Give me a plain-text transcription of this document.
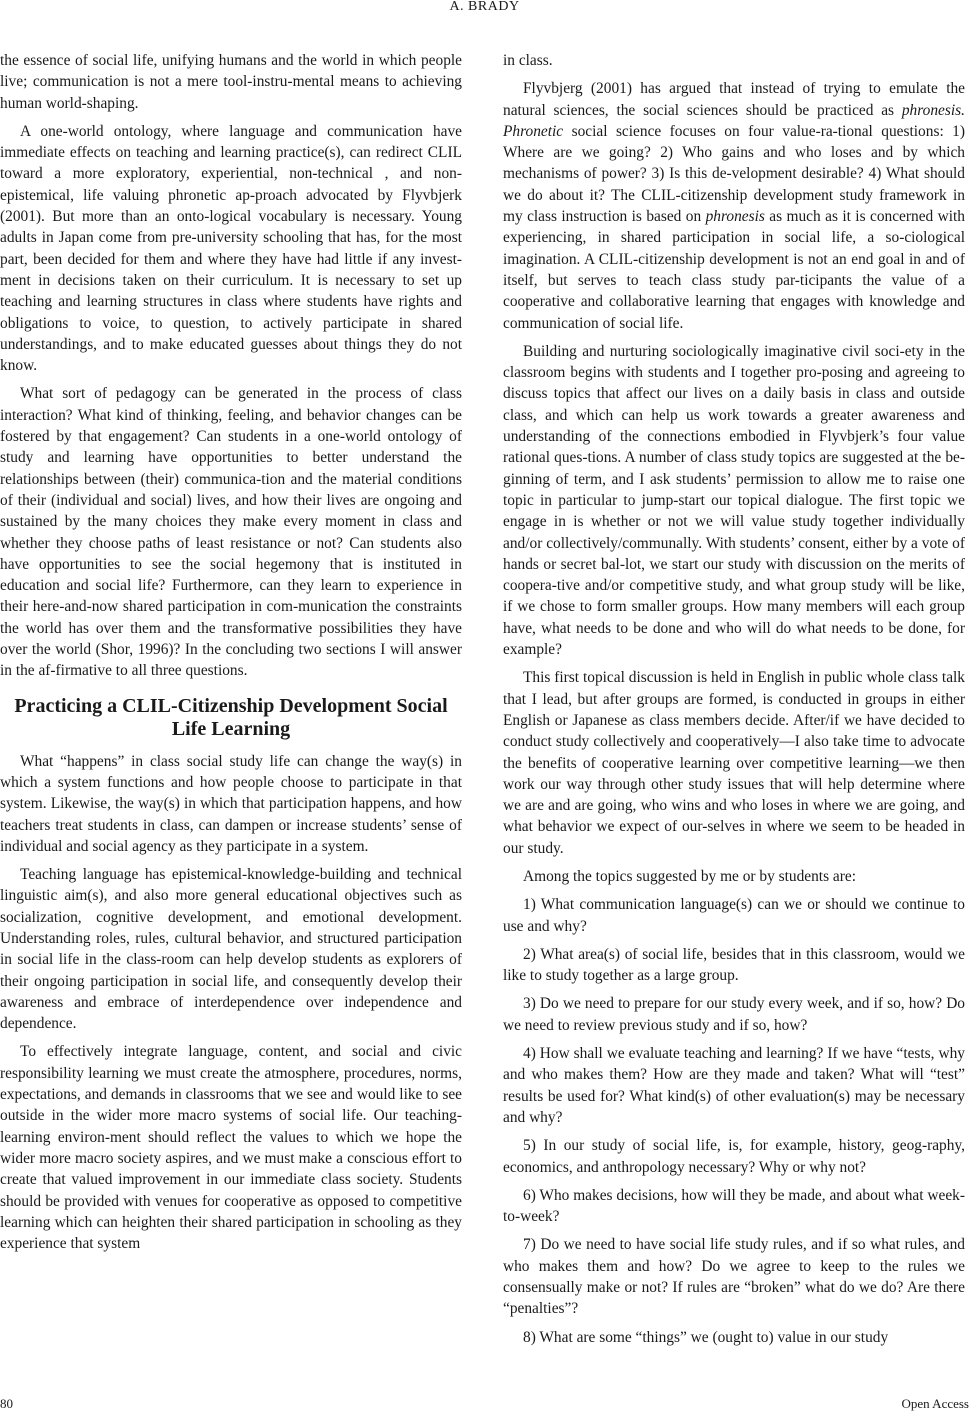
A. BRADY

the essence of social life, unifying humans and the world in which people live; communication is not a mere tool-instru-mental means to achieving human world-shaping.

A one-world ontology, where language and communication have immediate effects on teaching and learning practice(s), can redirect CLIL toward a more exploratory, experiential, non-technical , and non-epistemical, life valuing phronetic ap-proach advocated by Flyvbjerk (2001). But more than an onto-logical vocabulary is necessary. Young adults in Japan come from pre-university schooling that has, for the most part, been decided for them and where they have had little if any invest-ment in decisions taken on their curriculum. It is necessary to set up teaching and learning structures in class where students have rights and obligations to voice, to question, to actively participate in shared understandings, and to make educated guesses about things they do not know.

What sort of pedagogy can be generated in the process of class interaction? What kind of thinking, feeling, and behavior changes can be fostered by that engagement? Can students in a one-world ontology of study and learning have opportunities to better understand the relationships between (their) communica-tion and the material conditions of their (individual and social) lives, and how their lives are ongoing and sustained by the many choices they make every moment in class and whether they choose paths of least resistance or not? Can students also have opportunities to see the social hegemony that is instituted in education and social life? Furthermore, can they learn to experience in their here-and-now shared participation in com-munication the constraints the world has over them and the transformative possibilities they have over the world (Shor, 1996)? In the concluding two sections I will answer in the af-firmative to all three questions.

Practicing a CLIL-Citizenship Development Social Life Learning

What “happens” in class social study life can change the way(s) in which a system functions and how people choose to participate in that system. Likewise, the way(s) in which that participation happens, and how teachers treat students in class, can dampen or increase students’ sense of individual and social agency as they participate in a system.

Teaching language has epistemical-knowledge-building and technical linguistic aim(s), and also more general educational objectives such as socialization, cognitive development, and emotional development. Understanding roles, rules, cultural behavior, and structured participation in social life in the class-room can help develop students as explorers of their ongoing participation in social life, and consequently develop their awareness and embrace of interdependence over independence and dependence.

To effectively integrate language, content, and social and civic responsibility learning we must create the atmosphere, procedures, norms, expectations, and demands in classrooms that we see and would like to see outside in the wider more macro systems of social life. Our teaching-learning environ-ment should reflect the values to which we hope the wider more macro society aspires, and we must make a conscious effort to create that valued improvement in our immediate class society. Students should be provided with venues for cooperative as opposed to competitive learning which can heighten their shared participation in schooling as they experience that system

in class.

Flyvbjerg (2001) has argued that instead of trying to emulate the natural sciences, the social sciences should be practiced as phronesis. Phronetic social science focuses on four value-ra-tional questions: 1) Where are we going? 2) Who gains and who loses and by which mechanisms of power? 3) Is this de-velopment desirable? 4) What should we do about it? The CLIL-citizenship development study framework in my class instruction is based on phronesis as much as it is concerned with experiencing, in shared participation in social life, a so-ciological imagination. A CLIL-citizenship development is not an end goal in and of itself, but serves to teach class study par-ticipants the value of a cooperative and collaborative learning that engages with knowledge and communication of social life.

Building and nurturing sociologically imaginative civil soci-ety in the classroom begins with students and I together pro-posing and agreeing to discuss topics that affect our lives on a daily basis in class and outside class, and which can help us work towards a greater awareness and understanding of the connections embodied in Flyvbjerk’s four value rational ques-tions. A number of class study topics are suggested at the be-ginning of term, and I ask students’ permission to allow me to raise one topic in particular to jump-start our topical dialogue. The first topic we engage in is whether or not we will value study together individually and/or collectively/communally. With students’ consent, either by a vote of hands or secret bal-lot, we start our study with discussion on the merits of coopera-tive and/or competitive study, and what group study will be like, if we chose to form smaller groups. How many members will each group have, what needs to be done and who will do what needs to be done, for example?

This first topical discussion is held in English in public whole class talk that I lead, but after groups are formed, is conducted in groups in either English or Japanese as class members decide. After/if we have decided to conduct study collectively and cooperatively—I also take time to advocate the benefits of cooperative learning over competitive learning—we then work our way through other study issues that will help determine where we are and are going, who wins and who loses in where we are going, and what behavior we expect of our-selves in where we seem to be headed in our study.

Among the topics suggested by me or by students are:

1) What communication language(s) can we or should we continue to use and why?

2) What area(s) of social life, besides that in this classroom, would we like to study together as a large group.

3) Do we need to prepare for our study every week, and if so, how? Do we need to review previous study and if so, how?

4) How shall we evaluate teaching and learning? If we have “tests, why and who makes them? How are they made and taken? What will “test” results be used for? What kind(s) of other evaluation(s) may be necessary and why?

5) In our study of social life, is, for example, history, geog-raphy, economics, and anthropology necessary? Why or why not?

6) Who makes decisions, how will they be made, and about what week-to-week?

7) Do we need to have social life study rules, and if so what rules, and who makes them and how? Do we agree to keep to the rules we consensually make or not? If rules are “broken” what do we do? Are there “penalties”?

8) What are some “things” we (ought to) value in our study

80	Open Access
